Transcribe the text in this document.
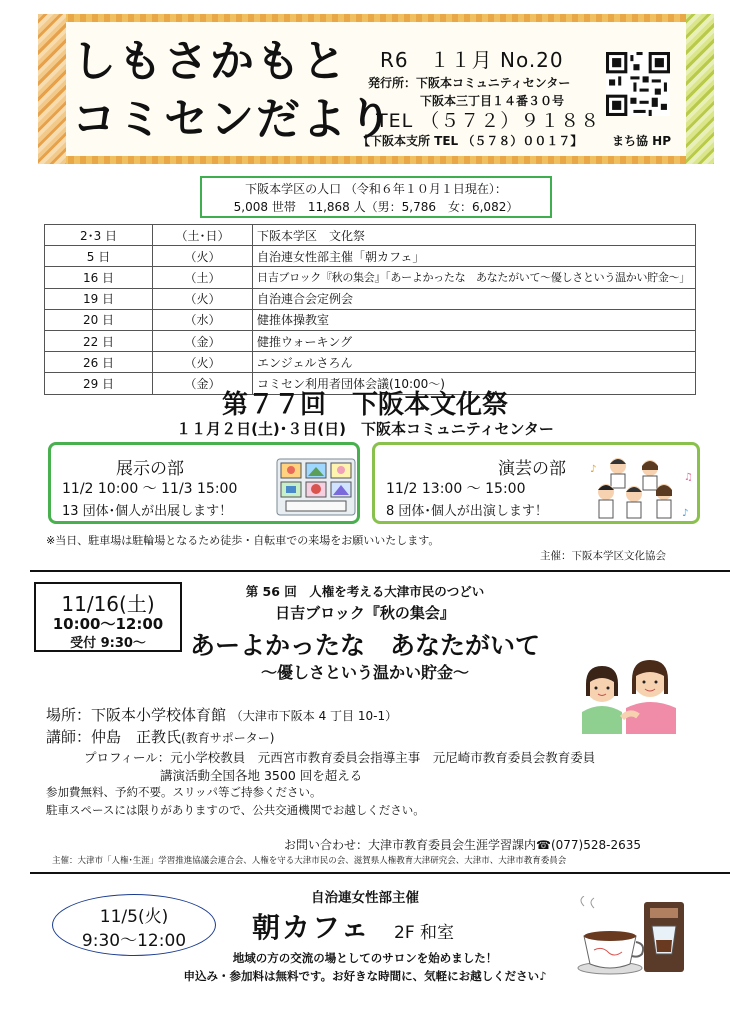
しもさかもと
コミセンだより
R6　１１月 No.20
発行所：下阪本コミュニティセンター
下阪本三丁目１４番３０号
TEL （５７２）９１８８
【下阪本支所 TEL （５７８）００１７】 まち協 HP
下阪本学区の人口 （令和６年１０月１日現在）：
5,008 世帯　11,868 人（男：5,786　女：6,082）
2･3 日	（土･日）	下阪本学区　文化祭
5 日	（火）	自治連女性部主催「朝カフェ」
16 日	（土）	日吉ブロック『秋の集会』「あーよかったな　あなたがいて～優しさという温かい貯金～」
19 日	（火）	自治連合会定例会
20 日	（水）	健推体操教室
22 日	（金）	健推ウォーキング
26 日	（火）	エンジェルさろん
29 日	（金）	コミセン利用者団体会議(10:00～)
第７７回　下阪本文化祭
１１月２日(土)･３日(日)　下阪本コミュニティセンター
展示の部
11/2 10:00 ～ 11/3 15:00
13 団体･個人が出展します！
演芸の部
11/2 13:00 ～ 15:00
8 団体･個人が出演します！
♪
♫
♪
※当日、駐車場は駐輪場となるため徒歩・自転車での来場をお願いいたします。
主催：下阪本学区文化協会
11/16(土)
10:00～12:00
受付 9:30～
第 56 回　人権を考える大津市民のつどい
日吉ブロック『秋の集会』
あーよかったな　あなたがいて
～優しさという温かい貯金～
場所：下阪本小学校体育館 （大津市下阪本 4 丁目 10-1）
講師：仲島　正教氏(教育サポーター)
プロフィール：元小学校教員　元西宮市教育委員会指導主事　元尼崎市教育委員会教育委員
講演活動全国各地 3500 回を超える
参加費無料、予約不要。スリッパ等ご持参ください。
駐車スペースには限りがありますので、公共交通機関でお越しください。
お問い合わせ：大津市教育委員会生涯学習課内☎(077)528-2635
主催：大津市「人権･生涯」学習推進協議会連合会、人権を守る大津市民の会、滋賀県人権教育大津研究会、大津市、大津市教育委員会
11/5(火)
9:30～12:00
自治連女性部主催
朝カフェ 2F 和室
地域の方の交流の場としてのサロンを始めました！
申込み・参加料は無料です。お好きな時間に、気軽にお越しください♪
